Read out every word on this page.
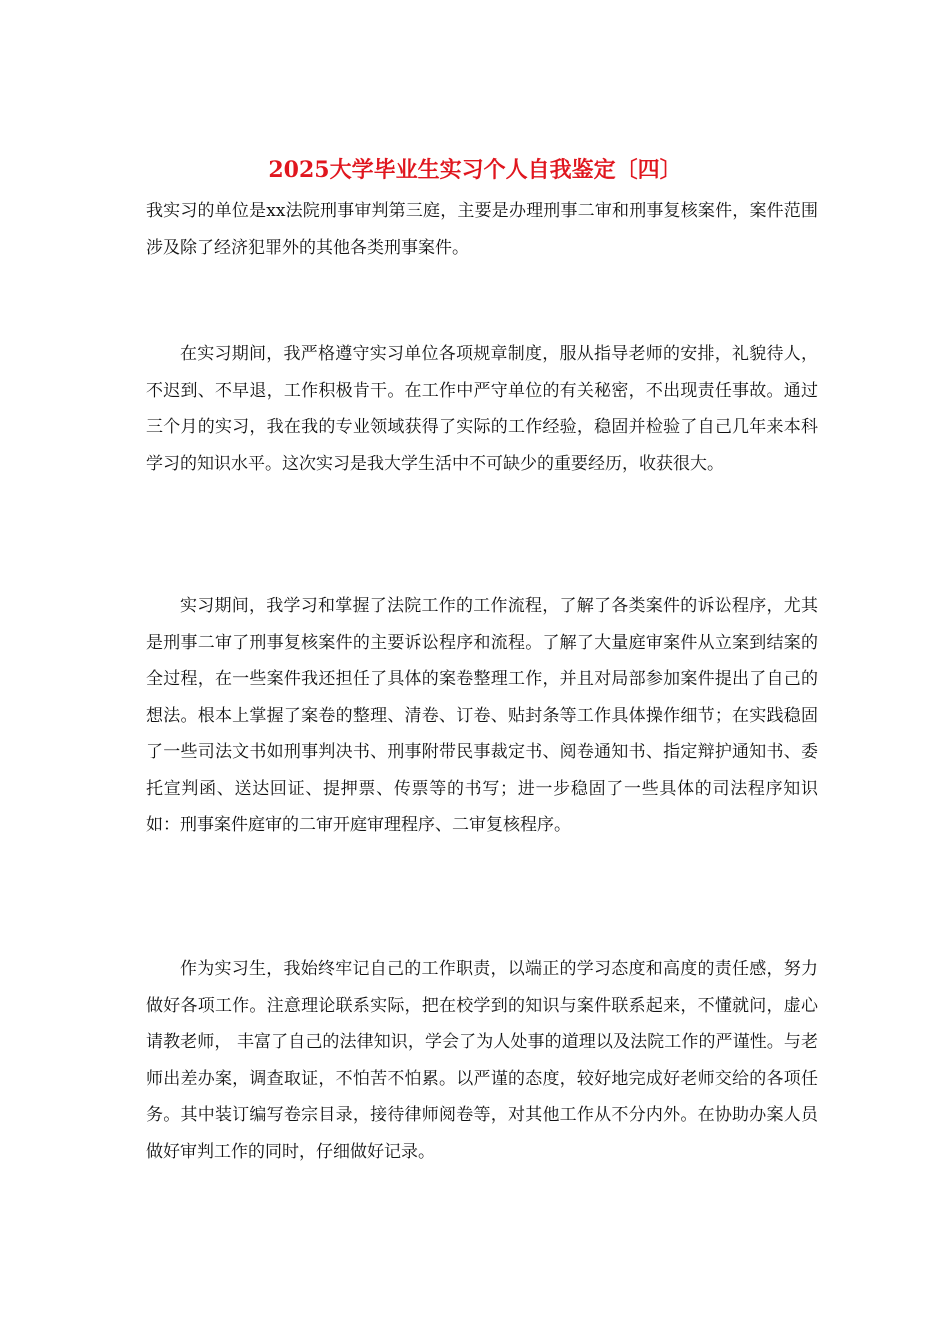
2025大学毕业生实习个人自我鉴定〔四〕

我实习的单位是xx法院刑事审判第三庭，主要是办理刑事二审和刑事复核案件，案件范围涉及除了经济犯罪外的其他各类刑事案件。

在实习期间，我严格遵守实习单位各项规章制度，服从指导老师的安排，礼貌待人，不迟到、不早退，工作积极肯干。在工作中严守单位的有关秘密，不出现责任事故。通过三个月的实习，我在我的专业领域获得了实际的工作经验，稳固并检验了自己几年来本科学习的知识水平。这次实习是我大学生活中不可缺少的重要经历，收获很大。

实习期间，我学习和掌握了法院工作的工作流程，了解了各类案件的诉讼程序，尤其是刑事二审了刑事复核案件的主要诉讼程序和流程。了解了大量庭审案件从立案到结案的全过程，在一些案件我还担任了具体的案卷整理工作，并且对局部参加案件提出了自己的想法。根本上掌握了案卷的整理、清卷、订卷、贴封条等工作具体操作细节；在实践稳固了一些司法文书如刑事判决书、刑事附带民事裁定书、阅卷通知书、指定辩护通知书、委托宣判函、送达回证、提押票、传票等的书写；进一步稳固了一些具体的司法程序知识如：刑事案件庭审的二审开庭审理程序、二审复核程序。

作为实习生，我始终牢记自己的工作职责，以端正的学习态度和高度的责任感，努力做好各项工作。注意理论联系实际，把在校学到的知识与案件联系起来，不懂就问，虚心请教老师， 丰富了自己的法律知识，学会了为人处事的道理以及法院工作的严谨性。与老师出差办案，调查取证，不怕苦不怕累。以严谨的态度，较好地完成好老师交给的各项任务。其中装订编写卷宗目录，接待律师阅卷等，对其他工作从不分内外。在协助办案人员做好审判工作的同时，仔细做好记录。
